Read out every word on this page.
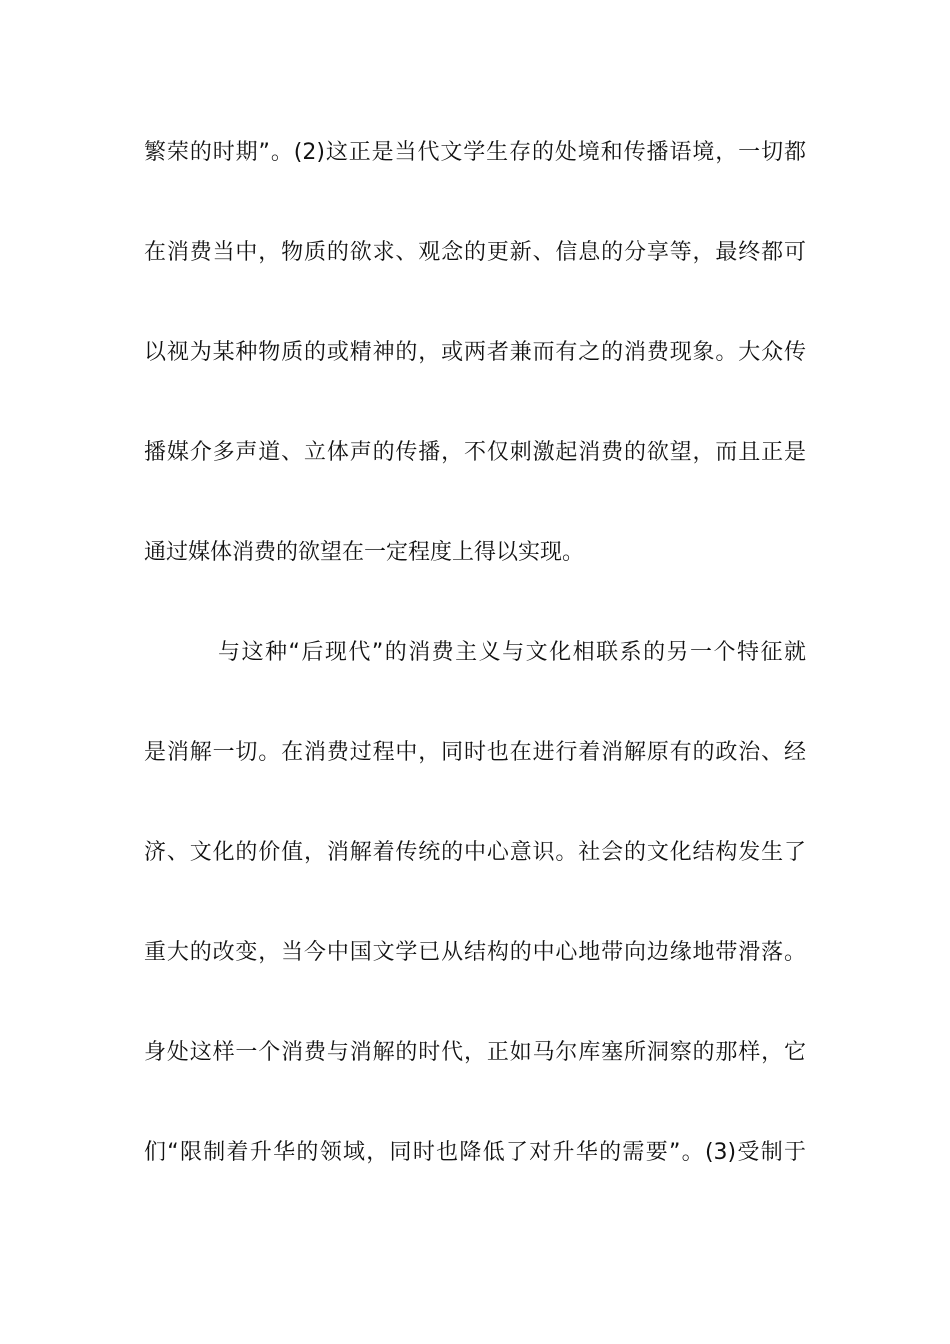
繁荣的时期”。(2)这正是当代文学生存的处境和传播语境，一切都
在消费当中，物质的欲求、观念的更新、信息的分享等，最终都可
以视为某种物质的或精神的，或两者兼而有之的消费现象。大众传
播媒介多声道、立体声的传播，不仅刺激起消费的欲望，而且正是
通过媒体消费的欲望在一定程度上得以实现。
与这种“后现代”的消费主义与文化相联系的另一个特征就
是消解一切。在消费过程中，同时也在进行着消解原有的政治、经
济、文化的价值，消解着传统的中心意识。社会的文化结构发生了
重大的改变，当今中国文学已从结构的中心地带向边缘地带滑落。
身处这样一个消费与消解的时代，正如马尔库塞所洞察的那样，它
们“限制着升华的领域，同时也降低了对升华的需要”。(3)受制于
